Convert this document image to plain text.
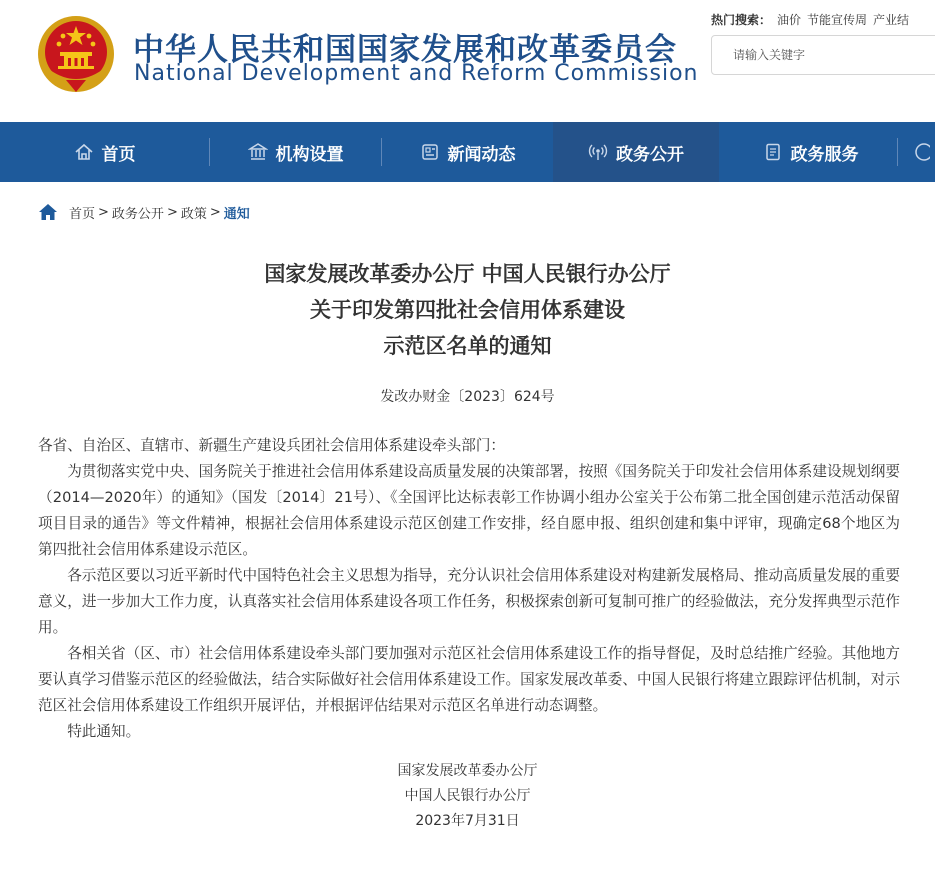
中华人民共和国国家发展和改革委员会
National Development and Reform Commission
热门搜索： 油价 节能宣传周 产业结
请输入关键字
首页	机构设置	新闻动态	政务公开	政务服务
首页 > 政务公开 > 政策 > 通知
国家发展改革委办公厅 中国人民银行办公厅
关于印发第四批社会信用体系建设
示范区名单的通知
发改办财金〔2023〕624号

各省、自治区、直辖市、新疆生产建设兵团社会信用体系建设牵头部门：

为贯彻落实党中央、国务院关于推进社会信用体系建设高质量发展的决策部署，按照《国务院关于印发社会信用体系建设规划纲要（2014—2020年）的通知》（国发〔2014〕21号）、《全国评比达标表彰工作协调小组办公室关于公布第二批全国创建示范活动保留项目目录的通告》等文件精神，根据社会信用体系建设示范区创建工作安排，经自愿申报、组织创建和集中评审，现确定68个地区为第四批社会信用体系建设示范区。

各示范区要以习近平新时代中国特色社会主义思想为指导，充分认识社会信用体系建设对构建新发展格局、推动高质量发展的重要意义，进一步加大工作力度，认真落实社会信用体系建设各项工作任务，积极探索创新可复制可推广的经验做法，充分发挥典型示范作用。

各相关省（区、市）社会信用体系建设牵头部门要加强对示范区社会信用体系建设工作的指导督促，及时总结推广经验。其他地方要认真学习借鉴示范区的经验做法，结合实际做好社会信用体系建设工作。国家发展改革委、中国人民银行将建立跟踪评估机制，对示范区社会信用体系建设工作组织开展评估，并根据评估结果对示范区名单进行动态调整。

特此通知。

国家发展改革委办公厅
中国人民银行办公厅
2023年7月31日
